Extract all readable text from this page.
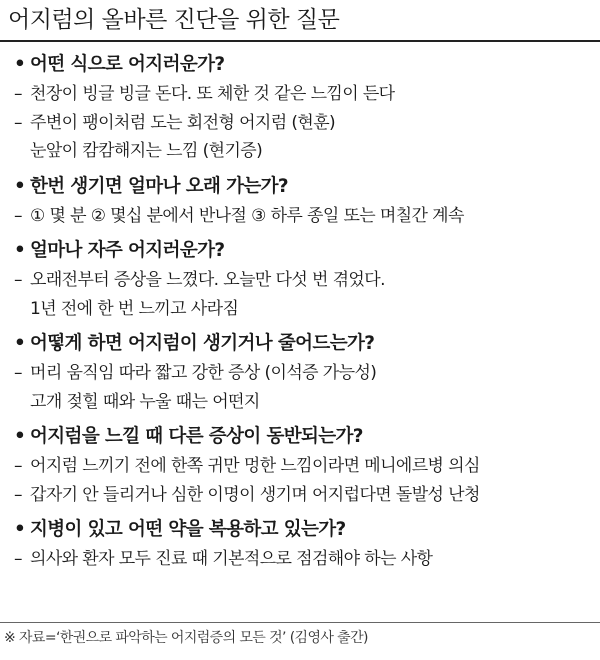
어지럼의 올바른 진단을 위한 질문
• 어떤 식으로 어지러운가?
– 천장이 빙글 빙글 돈다. 또 체한 것 같은 느낌이 든다
– 주변이 팽이처럼 도는 회전형 어지럼 (현훈)
눈앞이 캄캄해지는 느낌 (현기증)
• 한번 생기면 얼마나 오래 가는가?
– ① 몇 분 ② 몇십 분에서 반나절 ③ 하루 종일 또는 며칠간 계속
• 얼마나 자주 어지러운가?
– 오래전부터 증상을 느꼈다. 오늘만 다섯 번 겪었다.
1년 전에 한 번 느끼고 사라짐
• 어떻게 하면 어지럼이 생기거나 줄어드는가?
– 머리 움직임 따라 짧고 강한 증상 (이석증 가능성)
고개 젖힐 때와 누울 때는 어떤지
• 어지럼을 느낄 때 다른 증상이 동반되는가?
– 어지럼 느끼기 전에 한쪽 귀만 멍한 느낌이라면 메니에르병 의심
– 갑자기 안 들리거나 심한 이명이 생기며 어지럽다면 돌발성 난청
• 지병이 있고 어떤 약을 복용하고 있는가?
– 의사와 환자 모두 진료 때 기본적으로 점검해야 하는 사항
※ 자료=‘한권으로 파악하는 어지럼증의 모든 것’ (김영사 출간)
